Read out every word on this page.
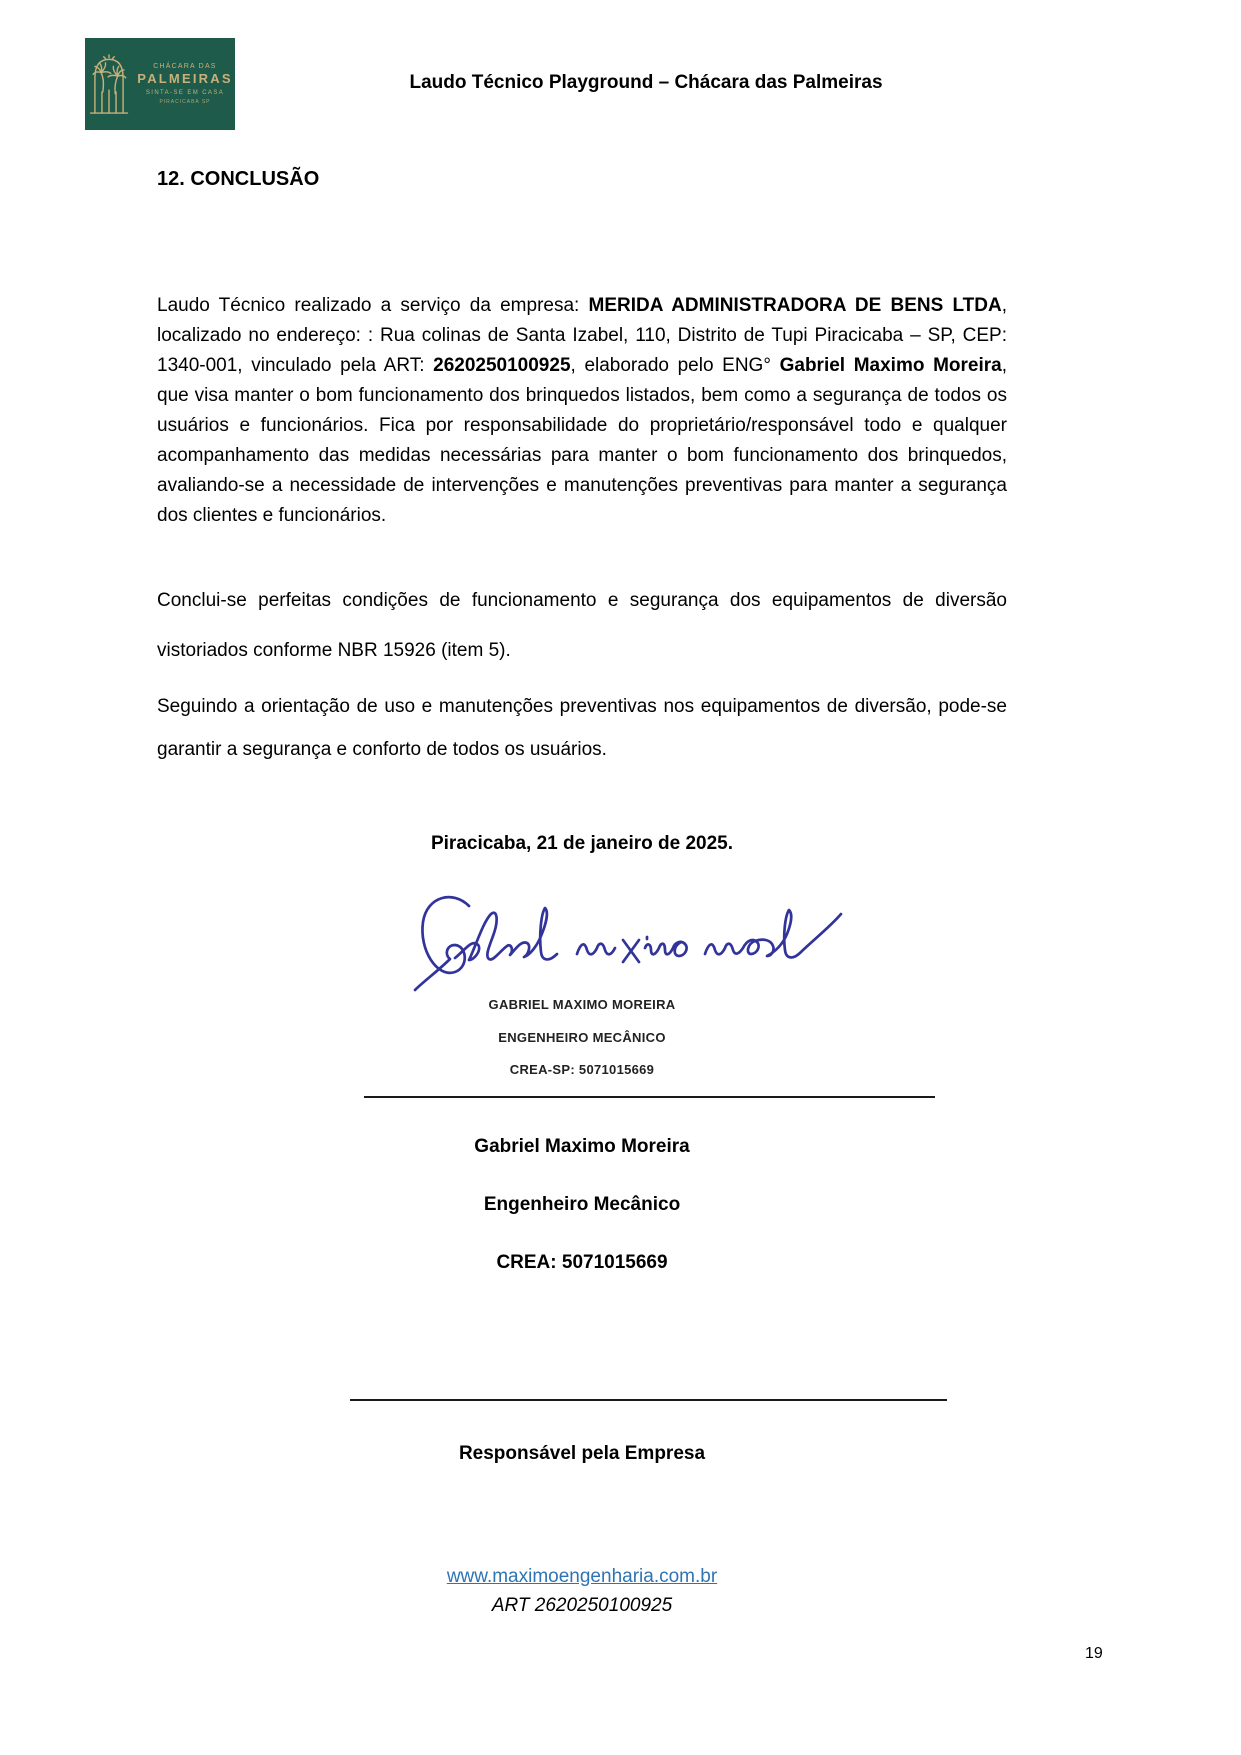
CHÁCARA DAS
PALMEIRAS
SINTA-SE EM CASA
PIRACICABA SP
Laudo Técnico Playground – Chácara das Palmeiras
12. CONCLUSÃO

Laudo Técnico realizado a serviço da empresa: MERIDA ADMINISTRADORA DE BENS LTDA, localizado no endereço: : Rua colinas de Santa Izabel, 110, Distrito de Tupi Piracicaba – SP, CEP: 1340-001, vinculado pela ART: 2620250100925, elaborado pelo ENG° Gabriel Maximo Moreira, que visa manter o bom funcionamento dos brinquedos listados, bem como a segurança de todos os usuários e funcionários. Fica por responsabilidade do proprietário/responsável todo e qualquer acompanhamento das medidas necessárias para manter o bom funcionamento dos brinquedos, avaliando-se a necessidade de intervenções e manutenções preventivas para manter a segurança dos clientes e funcionários.

Conclui-se perfeitas condições de funcionamento e segurança dos equipamentos de diversão vistoriados conforme NBR 15926 (item 5).

Seguindo a orientação de uso e manutenções preventivas nos equipamentos de diversão, pode-se garantir a segurança e conforto de todos os usuários.

Piracicaba, 21 de janeiro de 2025.
GABRIEL MAXIMO MOREIRA
ENGENHEIRO MECÂNICO
CREA-SP: 5071015669
Gabriel Maximo Moreira
Engenheiro Mecânico
CREA: 5071015669
Responsável pela Empresa
www.maximoengenharia.com.br
ART 2620250100925
19
